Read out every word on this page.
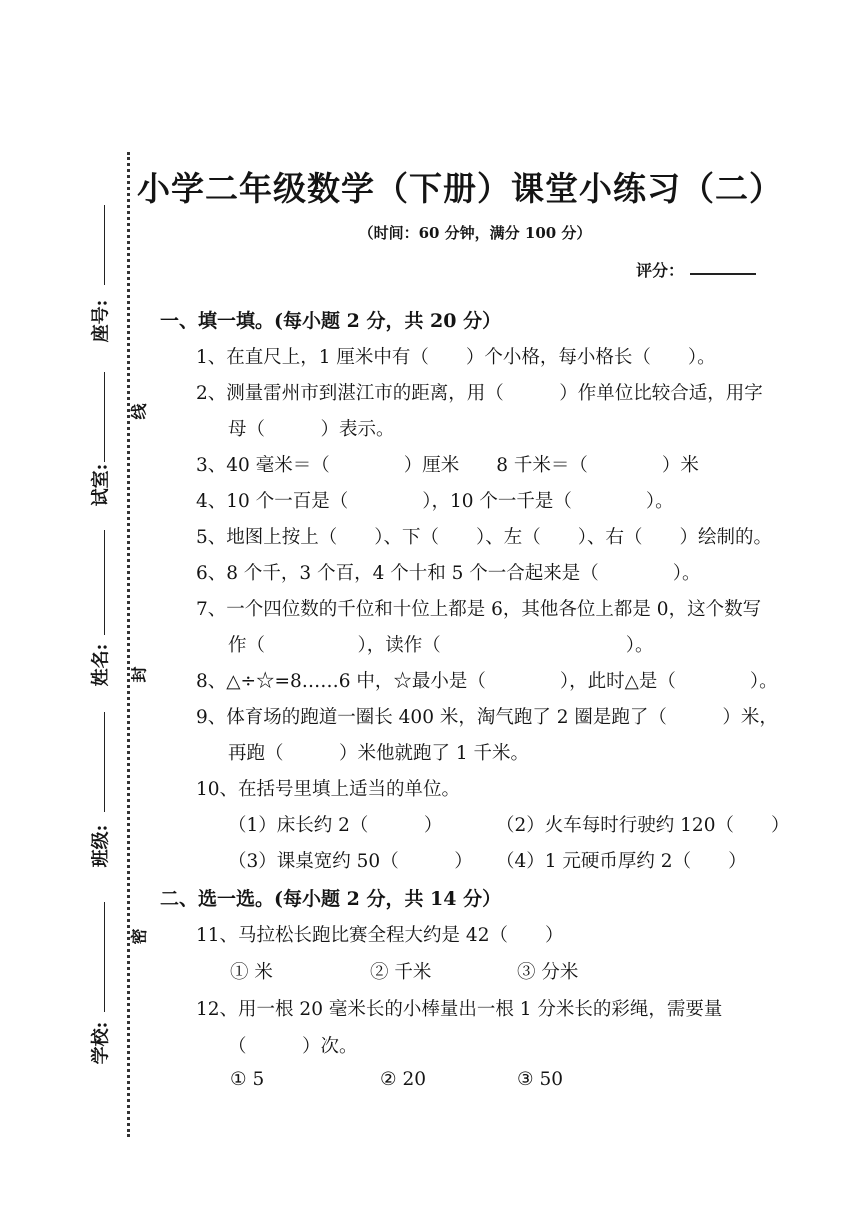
座号:
试室:
姓名:
班级:
学校:
线
封
密
小学二年级数学（下册）课堂小练习（二）
（时间：60 分钟，满分 100 分）
评分：
一、填一填。(每小题 2 分，共 20 分）
1、在直尺上，1 厘米中有（　　）个小格，每小格长（　　）。
2、测量雷州市到湛江市的距离，用（　　　）作单位比较合适，用字
母（　　　）表示。
3、40 毫米＝（　　　　）厘米　　8 千米＝（　　　　）米
4、10 个一百是（　　　　），10 个一千是（　　　　）。
5、地图上按上（　　）、下（　　）、左（　　）、右（　　）绘制的。
6、8 个千，3 个百，4 个十和 5 个一合起来是（　　　　）。
7、一个四位数的千位和十位上都是 6，其他各位上都是 0，这个数写
作（　　　　　），读作（　　　　　　　　　　）。
8、△÷☆=8……6 中，☆最小是（　　　　），此时△是（　　　　）。
9、体育场的跑道一圈长 400 米，淘气跑了 2 圈是跑了（　　　）米，
再跑（　　　）米他就跑了 1 千米。
10、在括号里填上适当的单位。
（1）床长约 2（　　　）	（2）火车每时行驶约 120（　　）
（3）课桌宽约 50（　　　） （4）1 元硬币厚约 2（　　）
二、选一选。(每小题 2 分，共 14 分）
11、马拉松长跑比赛全程大约是 42（　　）
① 米	② 千米	③ 分米
12、用一根 20 毫米长的小棒量出一根 1 分米长的彩绳，需要量
（　　　）次。
① 5	② 20	③ 50
